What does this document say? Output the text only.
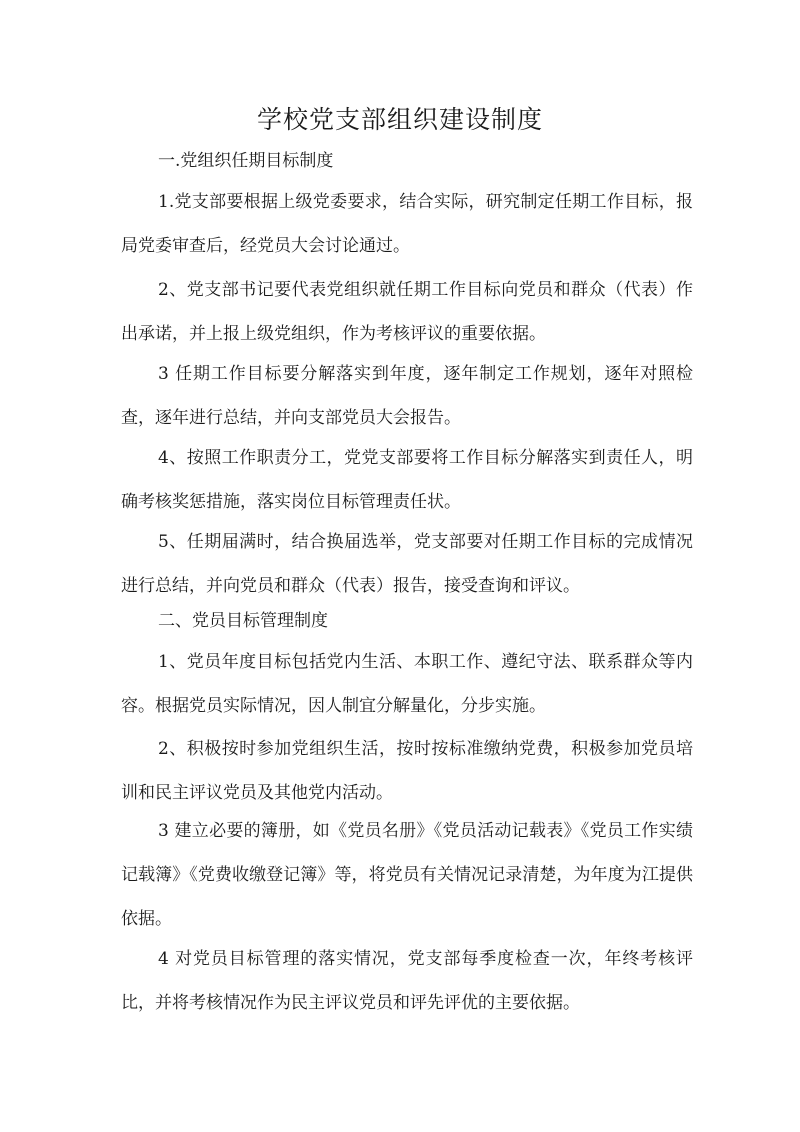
学校党支部组织建设制度

一.党组织任期目标制度

1.党支部要根据上级党委要求，结合实际，研究制定任期工作目标，报局党委审查后，经党员大会讨论通过。

2、党支部书记要代表党组织就任期工作目标向党员和群众（代表）作出承诺，并上报上级党组织，作为考核评议的重要依据。

3 任期工作目标要分解落实到年度，逐年制定工作规划，逐年对照检查，逐年进行总结，并向支部党员大会报告。

4、按照工作职责分工，党党支部要将工作目标分解落实到责任人，明确考核奖惩措施，落实岗位目标管理责任状。

5、任期届满时，结合换届选举，党支部要对任期工作目标的完成情况进行总结，并向党员和群众（代表）报告，接受查询和评议。

二、党员目标管理制度

1、党员年度目标包括党内生活、本职工作、遵纪守法、联系群众等内容。根据党员实际情况，因人制宜分解量化，分步实施。

2、积极按时参加党组织生活，按时按标准缴纳党费，积极参加党员培训和民主评议党员及其他党内活动。

3 建立必要的簿册，如《党员名册》《党员活动记载表》《党员工作实绩记载簿》《党费收缴登记簿》等，将党员有关情况记录清楚，为年度为江提供依据。

4 对党员目标管理的落实情况，党支部每季度检查一次，年终考核评比，并将考核情况作为民主评议党员和评先评优的主要依据。
